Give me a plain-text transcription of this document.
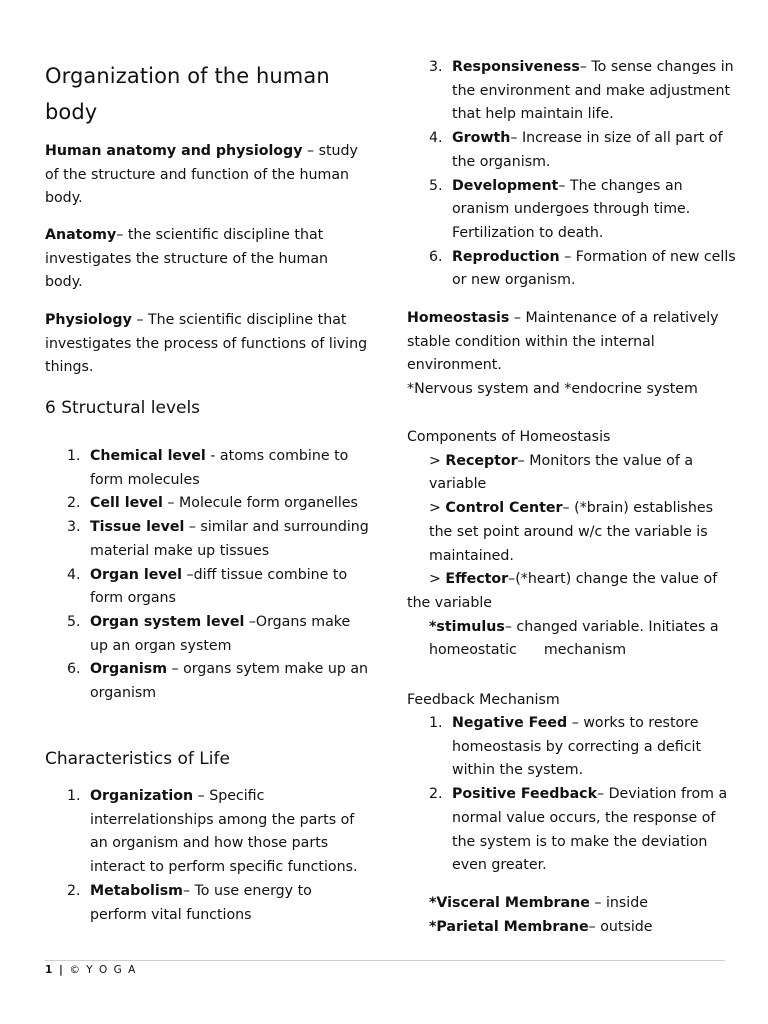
Organization of the human body

Human anatomy and physiology – study of the structure and function of the human body.

Anatomy– the scientific discipline that investigates the structure of the human body.

Physiology – The scientific discipline that investigates the process of functions of living things.

6 Structural levels
1. Chemical level - atoms combine to form molecules
2. Cell level – Molecule form organelles
3. Tissue level – similar and surrounding material make up tissues
4. Organ level –diff tissue combine to form organs
5. Organ system level –Organs make up an organ system
6. Organism – organs sytem make up an organism
Characteristics of Life
1. Organization – Specific interrelationships among the parts of an organism and how those parts interact to perform specific functions.
2. Metabolism– To use energy to perform vital functions
3. Responsiveness– To sense changes in the environment and make adjustment that help maintain life.
4. Growth– Increase in size of all part of the organism.
5. Development– The changes an oranism undergoes through time. Fertilization to death.
6. Reproduction – Formation of new cells or new organism.

Homeostasis – Maintenance of a relatively stable condition within the internal environment.

*Nervous system and *endocrine system

Components of Homeostasis

> Receptor– Monitors the value of a variable

> Control Center– (*brain) establishes the set point around w/c the variable is maintained.

> Effector–(*heart) change the value of

the variable

*stimulus– changed variable. Initiates a homeostatic      mechanism

Feedback Mechanism

1. Negative Feed – works to restore homeostasis by correcting a deficit within the system.
2. Positive Feedback– Deviation from a normal value occurs, the response of the system is to make the deviation even greater.

*Visceral Membrane – inside

*Parietal Membrane– outside

1 | © Y O G A
